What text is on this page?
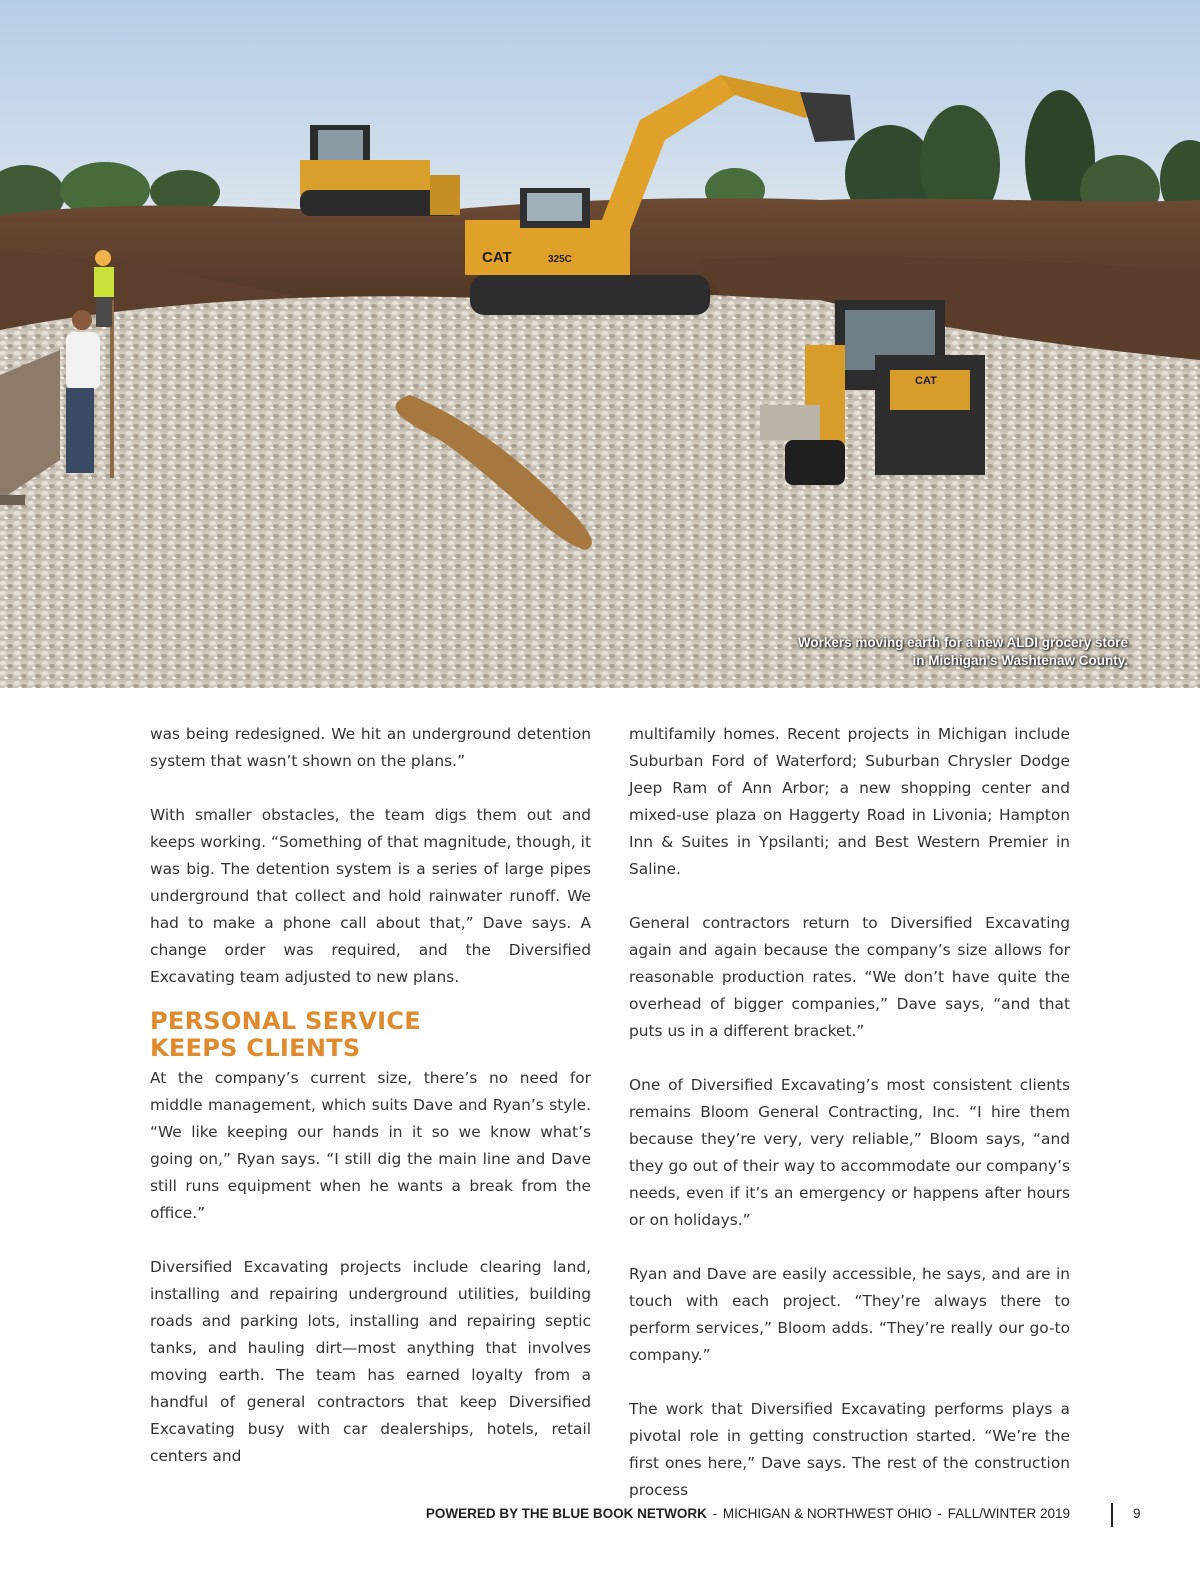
CAT	325C
CAT
Workers moving earth for a new ALDI grocery store
in Michigan’s Washtenaw County.

was being redesigned. We hit an underground detention system that wasn’t shown on the plans.”

With smaller obstacles, the team digs them out and keeps working. “Something of that magnitude, though, it was big. The detention system is a series of large pipes underground that collect and hold rainwater runoff. We had to make a phone call about that,” Dave says. A change order was required, and the Diversified Excavating team adjusted to new plans.

PERSONAL SERVICE
KEEPS CLIENTS

At the company’s current size, there’s no need for middle management, which suits Dave and Ryan’s style. “We like keeping our hands in it so we know what’s going on,” Ryan says. “I still dig the main line and Dave still runs equipment when he wants a break from the office.”

Diversified Excavating projects include clearing land, installing and repairing underground utilities, building roads and parking lots, installing and repairing septic tanks, and hauling dirt—most anything that involves moving earth. The team has earned loyalty from a handful of general contractors that keep Diversified Excavating busy with car dealerships, hotels, retail centers and

multifamily homes. Recent projects in Michigan include Suburban Ford of Waterford; Suburban Chrysler Dodge Jeep Ram of Ann Arbor; a new shopping center and mixed-use plaza on Haggerty Road in Livonia; Hampton Inn & Suites in Ypsilanti; and Best Western Premier in Saline.

General contractors return to Diversified Excavating again and again because the company’s size allows for reasonable production rates. “We don’t have quite the overhead of bigger companies,” Dave says, “and that puts us in a different bracket.”

One of Diversified Excavating’s most consistent clients remains Bloom General Contracting, Inc. “I hire them because they’re very, very reliable,” Bloom says, “and they go out of their way to accommodate our company’s needs, even if it’s an emergency or happens after hours or on holidays.”

Ryan and Dave are easily accessible, he says, and are in touch with each project. “They’re always there to perform services,” Bloom adds. “They’re really our go-to company.”

The work that Diversified Excavating performs plays a pivotal role in getting construction started. “We’re the first ones here,” Dave says. The rest of the construction process

POWERED BY THE BLUE BOOK NETWORK - MICHIGAN & NORTHWEST OHIO - FALL/WINTER 2019	9
